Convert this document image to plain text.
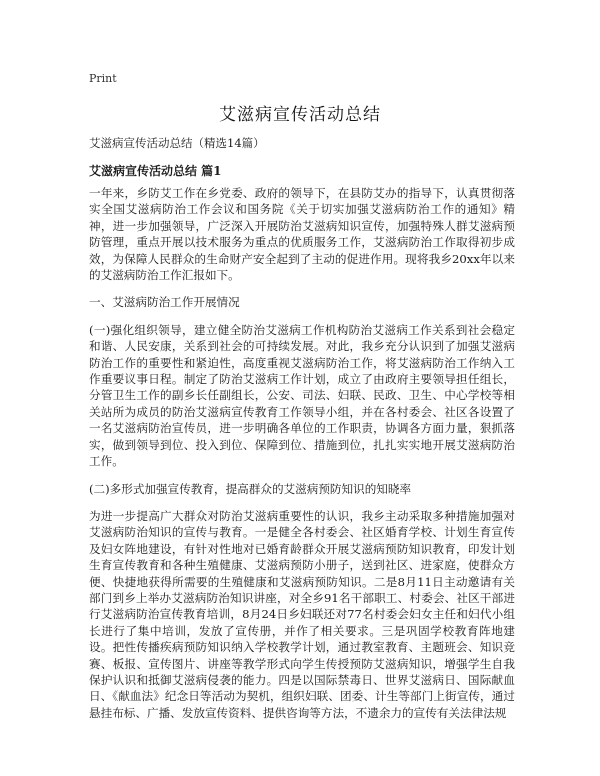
Print
艾滋病宣传活动总结
艾滋病宣传活动总结（精选14篇）
艾滋病宣传活动总结 篇1

一年来，乡防艾工作在乡党委、政府的领导下，在县防艾办的指导下，认真贯彻落实全国艾滋病防治工作会议和国务院《关于切实加强艾滋病防治工作的通知》精神，进一步加强领导，广泛深入开展防治艾滋病知识宣传，加强特殊人群艾滋病预防管理，重点开展以技术服务为重点的优质服务工作，艾滋病防治工作取得初步成效，为保障人民群众的生命财产安全起到了主动的促进作用。现将我乡20xx年以来的艾滋病防治工作汇报如下。

一、艾滋病防治工作开展情况

(一)强化组织领导，建立健全防治艾滋病工作机构防治艾滋病工作关系到社会稳定和谐、人民安康，关系到社会的可持续发展。对此，我乡充分认识到了加强艾滋病防治工作的重要性和紧迫性，高度重视艾滋病防治工作，将艾滋病防治工作纳入工作重要议事日程。制定了防治艾滋病工作计划，成立了由政府主要领导担任组长，分管卫生工作的副乡长任副组长，公安、司法、妇联、民政、卫生、中心学校等相关站所为成员的防治艾滋病宣传教育工作领导小组，并在各村委会、社区各设置了一名艾滋病防治宣传员，进一步明确各单位的工作职责，协调各方面力量，狠抓落实，做到领导到位、投入到位、保障到位、措施到位，扎扎实实地开展艾滋病防治工作。

(二)多形式加强宣传教育，提高群众的艾滋病预防知识的知晓率

为进一步提高广大群众对防治艾滋病重要性的认识，我乡主动采取多种措施加强对艾滋病防治知识的宣传与教育。一是健全各村委会、社区婚育学校、计划生育宣传及妇女阵地建设，有针对性地对已婚育龄群众开展艾滋病预防知识教育，印发计划生育宣传教育和各种生殖健康、艾滋病预防小册子，送到社区、进家庭，使群众方便、快捷地获得所需要的生殖健康和艾滋病预防知识。二是8月11日主动邀请有关部门到乡上举办艾滋病防治知识讲座，对全乡91名干部职工、村委会、社区干部进行艾滋病防治宣传教育培训，8月24日乡妇联还对77名村委会妇女主任和妇代小组长进行了集中培训，发放了宣传册，并作了相关要求。三是巩固学校教育阵地建设。把性传播疾病预防知识纳入学校教学计划，通过教室教育、主题班会、知识竞赛、板报、宣传图片、讲座等教学形式向学生传授预防艾滋病知识，增强学生自我保护认识和抵御艾滋病侵袭的能力。四是以国际禁毒日、世界艾滋病日、国际献血日、《献血法》纪念日等活动为契机，组织妇联、团委、计生等部门上街宣传，通过悬挂布标、广播、发放宣传资料、提供咨询等方法，不遗余力的宣传有关法律法规
